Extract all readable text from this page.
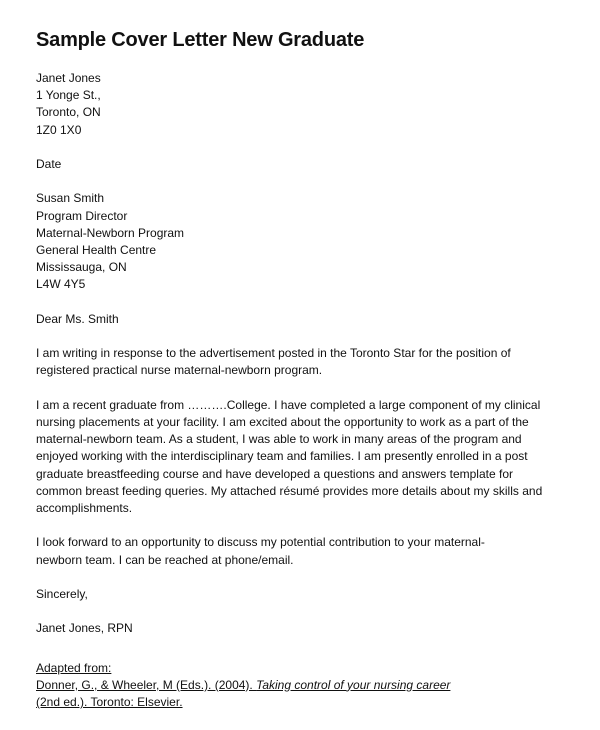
Sample Cover Letter New Graduate
Janet Jones
1 Yonge St.,
Toronto, ON
1Z0 1X0
Date
Susan Smith
Program Director
Maternal-Newborn Program
General Health Centre
Mississauga, ON
L4W 4Y5
Dear Ms. Smith
I am writing in response to the advertisement posted in the Toronto Star for the position of
registered practical nurse maternal-newborn program.
I am a recent graduate from ……….College. I have completed a large component of my clinical
nursing placements at your facility. I am excited about the opportunity to work as a part of the
maternal-newborn team. As a student, I was able to work in many areas of the program and
enjoyed working with the interdisciplinary team and families. I am presently enrolled in a post
graduate breastfeeding course and have developed a questions and answers template for
common breast feeding queries. My attached résumé provides more details about my skills and
accomplishments.
I look forward to an opportunity to discuss my potential contribution to your maternal-
newborn team. I can be reached at phone/email.
Sincerely,
Janet Jones, RPN
Adapted from:
Donner, G., & Wheeler, M (Eds.). (2004). Taking control of your nursing career
(2nd ed.). Toronto: Elsevier.
